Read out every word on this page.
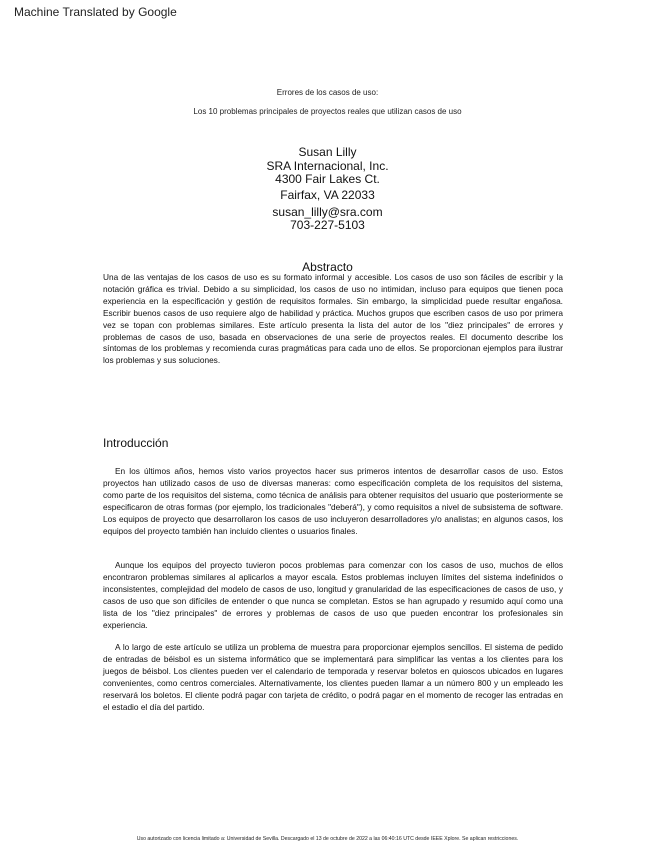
Machine Translated by Google
Errores de los casos de uso:
Los 10 problemas principales de proyectos reales que utilizan casos de uso
Susan Lilly
SRA Internacional, Inc.
4300 Fair Lakes Ct.
Fairfax, VA 22033
susan_lilly@sra.com
703-227-5103
Abstracto
Una de las ventajas de los casos de uso es su formato informal y accesible. Los casos de uso son fáciles de escribir y la notación gráfica es trivial. Debido a su simplicidad, los casos de uso no intimidan, incluso para equipos que tienen poca experiencia en la especificación y gestión de requisitos formales. Sin embargo, la simplicidad puede resultar engañosa. Escribir buenos casos de uso requiere algo de habilidad y práctica. Muchos grupos que escriben casos de uso por primera vez se topan con problemas similares. Este artículo presenta la lista del autor de los "diez principales" de errores y problemas de casos de uso, basada en observaciones de una serie de proyectos reales. El documento describe los síntomas de los problemas y recomienda curas pragmáticas para cada uno de ellos. Se proporcionan ejemplos para ilustrar los problemas y sus soluciones.
Introducción
En los últimos años, hemos visto varios proyectos hacer sus primeros intentos de desarrollar casos de uso. Estos proyectos han utilizado casos de uso de diversas maneras: como especificación completa de los requisitos del sistema, como parte de los requisitos del sistema, como técnica de análisis para obtener requisitos del usuario que posteriormente se especificaron de otras formas (por ejemplo, los tradicionales "deberá"), y como requisitos a nivel de subsistema de software. Los equipos de proyecto que desarrollaron los casos de uso incluyeron desarrolladores y/o analistas; en algunos casos, los equipos del proyecto también han incluido clientes o usuarios finales.
Aunque los equipos del proyecto tuvieron pocos problemas para comenzar con los casos de uso, muchos de ellos encontraron problemas similares al aplicarlos a mayor escala. Estos problemas incluyen límites del sistema indefinidos o inconsistentes, complejidad del modelo de casos de uso, longitud y granularidad de las especificaciones de casos de uso, y casos de uso que son difíciles de entender o que nunca se completan. Estos se han agrupado y resumido aquí como una lista de los "diez principales" de errores y problemas de casos de uso que pueden encontrar los profesionales sin experiencia.
A lo largo de este artículo se utiliza un problema de muestra para proporcionar ejemplos sencillos. El sistema de pedido de entradas de béisbol es un sistema informático que se implementará para simplificar las ventas a los clientes para los juegos de béisbol. Los clientes pueden ver el calendario de temporada y reservar boletos en quioscos ubicados en lugares convenientes, como centros comerciales. Alternativamente, los clientes pueden llamar a un número 800 y un empleado les reservará los boletos. El cliente podrá pagar con tarjeta de crédito, o podrá pagar en el momento de recoger las entradas en el estadio el día del partido.
Uso autorizado con licencia limitado a: Universidad de Sevilla. Descargado el 13 de octubre de 2022 a las 06:40:16 UTC desde IEEE Xplore. Se aplican restricciones.
